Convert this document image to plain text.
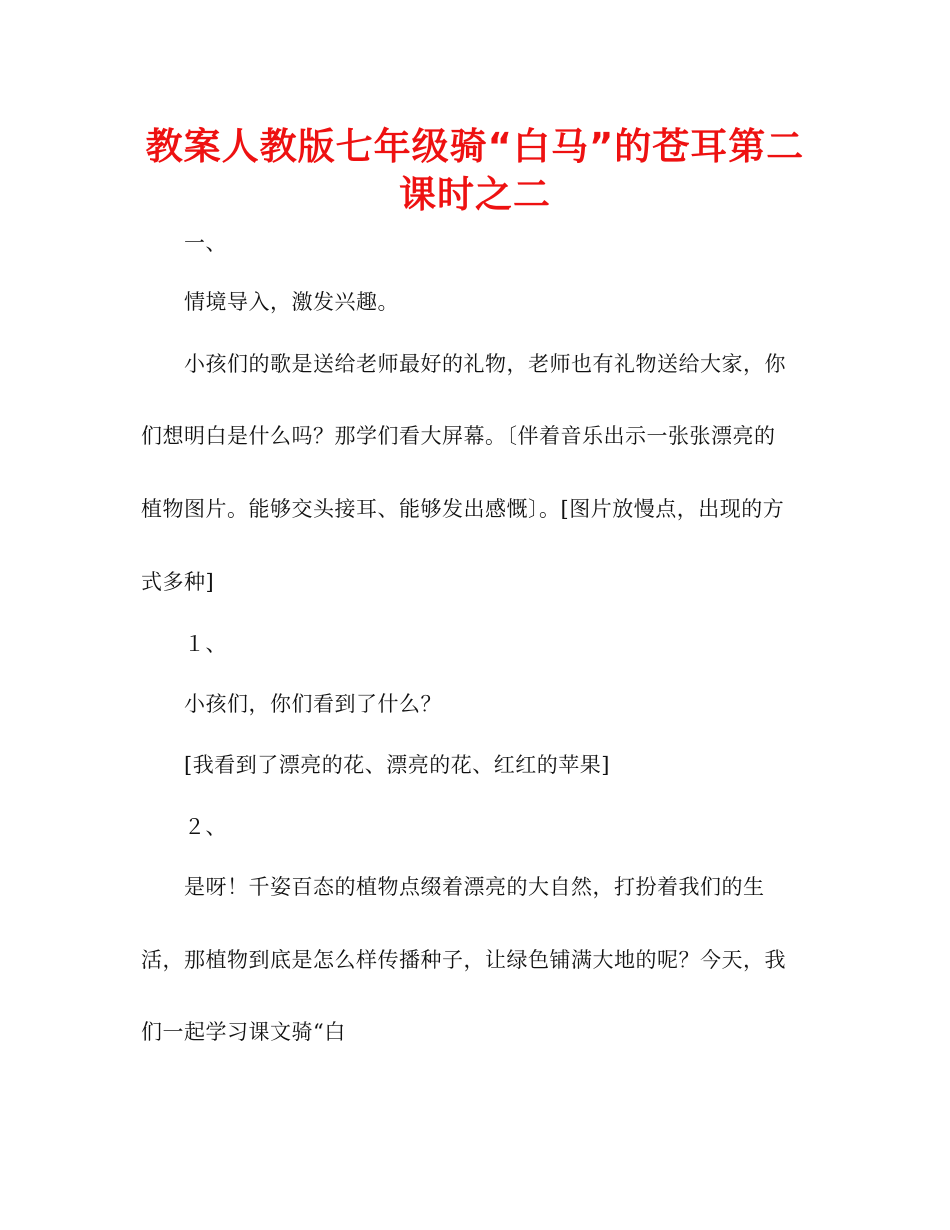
教案人教版七年级骑“白马”的苍耳第二
课时之二
一、
情境导入，激发兴趣。
小孩们的歌是送给老师最好的礼物，老师也有礼物送给大家，你
们想明白是什么吗？那学们看大屏幕。〔伴着音乐出示一张张漂亮的
植物图片。能够交头接耳、能够发出感慨〕。[图片放慢点，出现的方
式多种]
１、
小孩们，你们看到了什么？
[我看到了漂亮的花、漂亮的花、红红的苹果]
２、
是呀！千姿百态的植物点缀着漂亮的大自然，打扮着我们的生
活，那植物到底是怎么样传播种子，让绿色铺满大地的呢？今天，我
们一起学习课文骑“白
